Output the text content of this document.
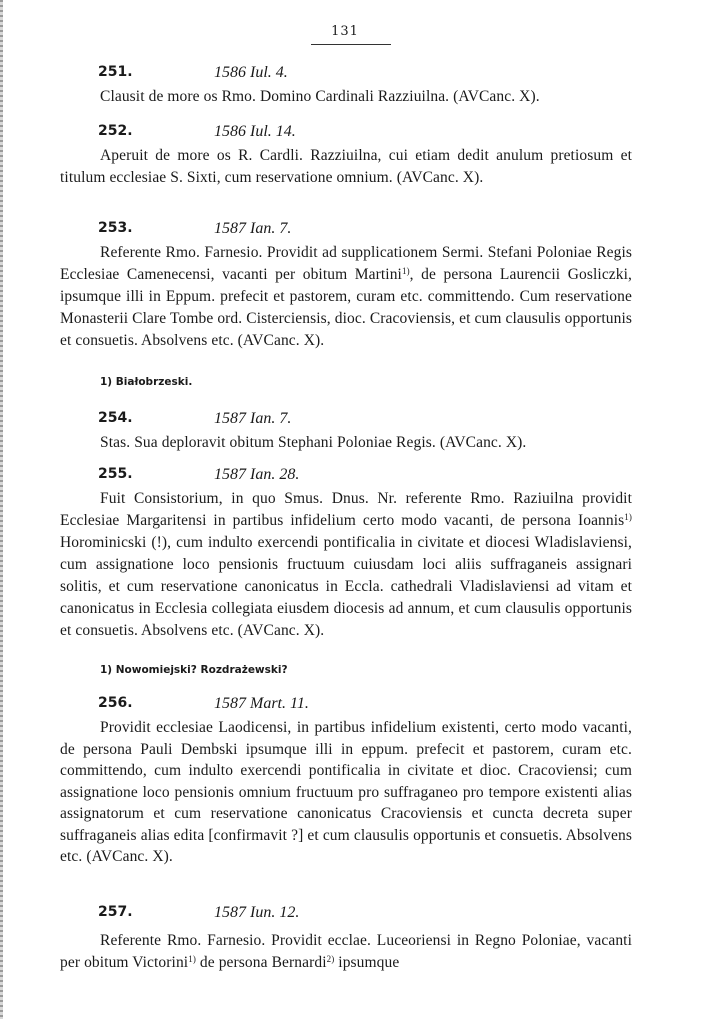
131
251.	1586 Iul. 4.
Clausit de more os Rmo. Domino Cardinali Razziuilna. (AVCanc. X).
252.	1586 Iul. 14.
Aperuit de more os R. Cardli. Razziuilna, cui etiam dedit anulum pretiosum et titulum ecclesiae S. Sixti, cum reservatione omnium. (AVCanc. X).
253.	1587 Ian. 7.
Referente Rmo. Farnesio. Providit ad supplicationem Sermi. Stefani Poloniae Regis Ecclesiae Camenecensi, vacanti per obitum Martini$^{1)}$, de persona Laurencii Gosliczki, ipsumque illi in Eppum. prefecit et pastorem, curam etc. committendo. Cum reservatione Monasterii Clare Tombe ord. Cisterciensis, dioc. Cracoviensis, et cum clausulis opportunis et consuetis. Absolvens etc. (AVCanc. X).
1) Białobrzeski.
254.	1587 Ian. 7.
Stas. Sua deploravit obitum Stephani Poloniae Regis. (AVCanc. X).
255.	1587 Ian. 28.
Fuit Consistorium, in quo Smus. Dnus. Nr. referente Rmo. Raziuilna providit Ecclesiae Margaritensi in partibus infidelium certo modo vacanti, de persona Ioannis$^{1)}$ Horominicski (!), cum indulto exercendi pontificalia in civitate et diocesi Wladislaviensi, cum assignatione loco pensionis fructuum cuiusdam loci aliis suffraganeis assignari solitis, et cum reservatione canonicatus in Eccla. cathedrali Vladislaviensi ad vitam et canonicatus in Ecclesia collegiata eiusdem diocesis ad annum, et cum clausulis opportunis et consuetis. Absolvens etc. (AVCanc. X).
1) Nowomiejski? Rozdrażewski?
256.	1587 Mart. 11.
Providit ecclesiae Laodicensi, in partibus infidelium existenti, certo modo vacanti, de persona Pauli Dembski ipsumque illi in eppum. prefecit et pastorem, curam etc. committendo, cum indulto exercendi pontificalia in civitate et dioc. Cracoviensi; cum assignatione loco pensionis omnium fructuum pro suffraganeo pro tempore existenti alias assignatorum et cum reservatione canonicatus Cracoviensis et cuncta decreta super suffraganeis alias edita [confirmavit ?] et cum clausulis opportunis et consuetis. Absolvens etc. (AVCanc. X).
257.	1587 Iun. 12.
Referente Rmo. Farnesio. Providit ecclae. Luceoriensi in Regno Poloniae, vacanti per obitum Victorini$^{1)}$ de persona Bernardi$^{2)}$ ipsumque
